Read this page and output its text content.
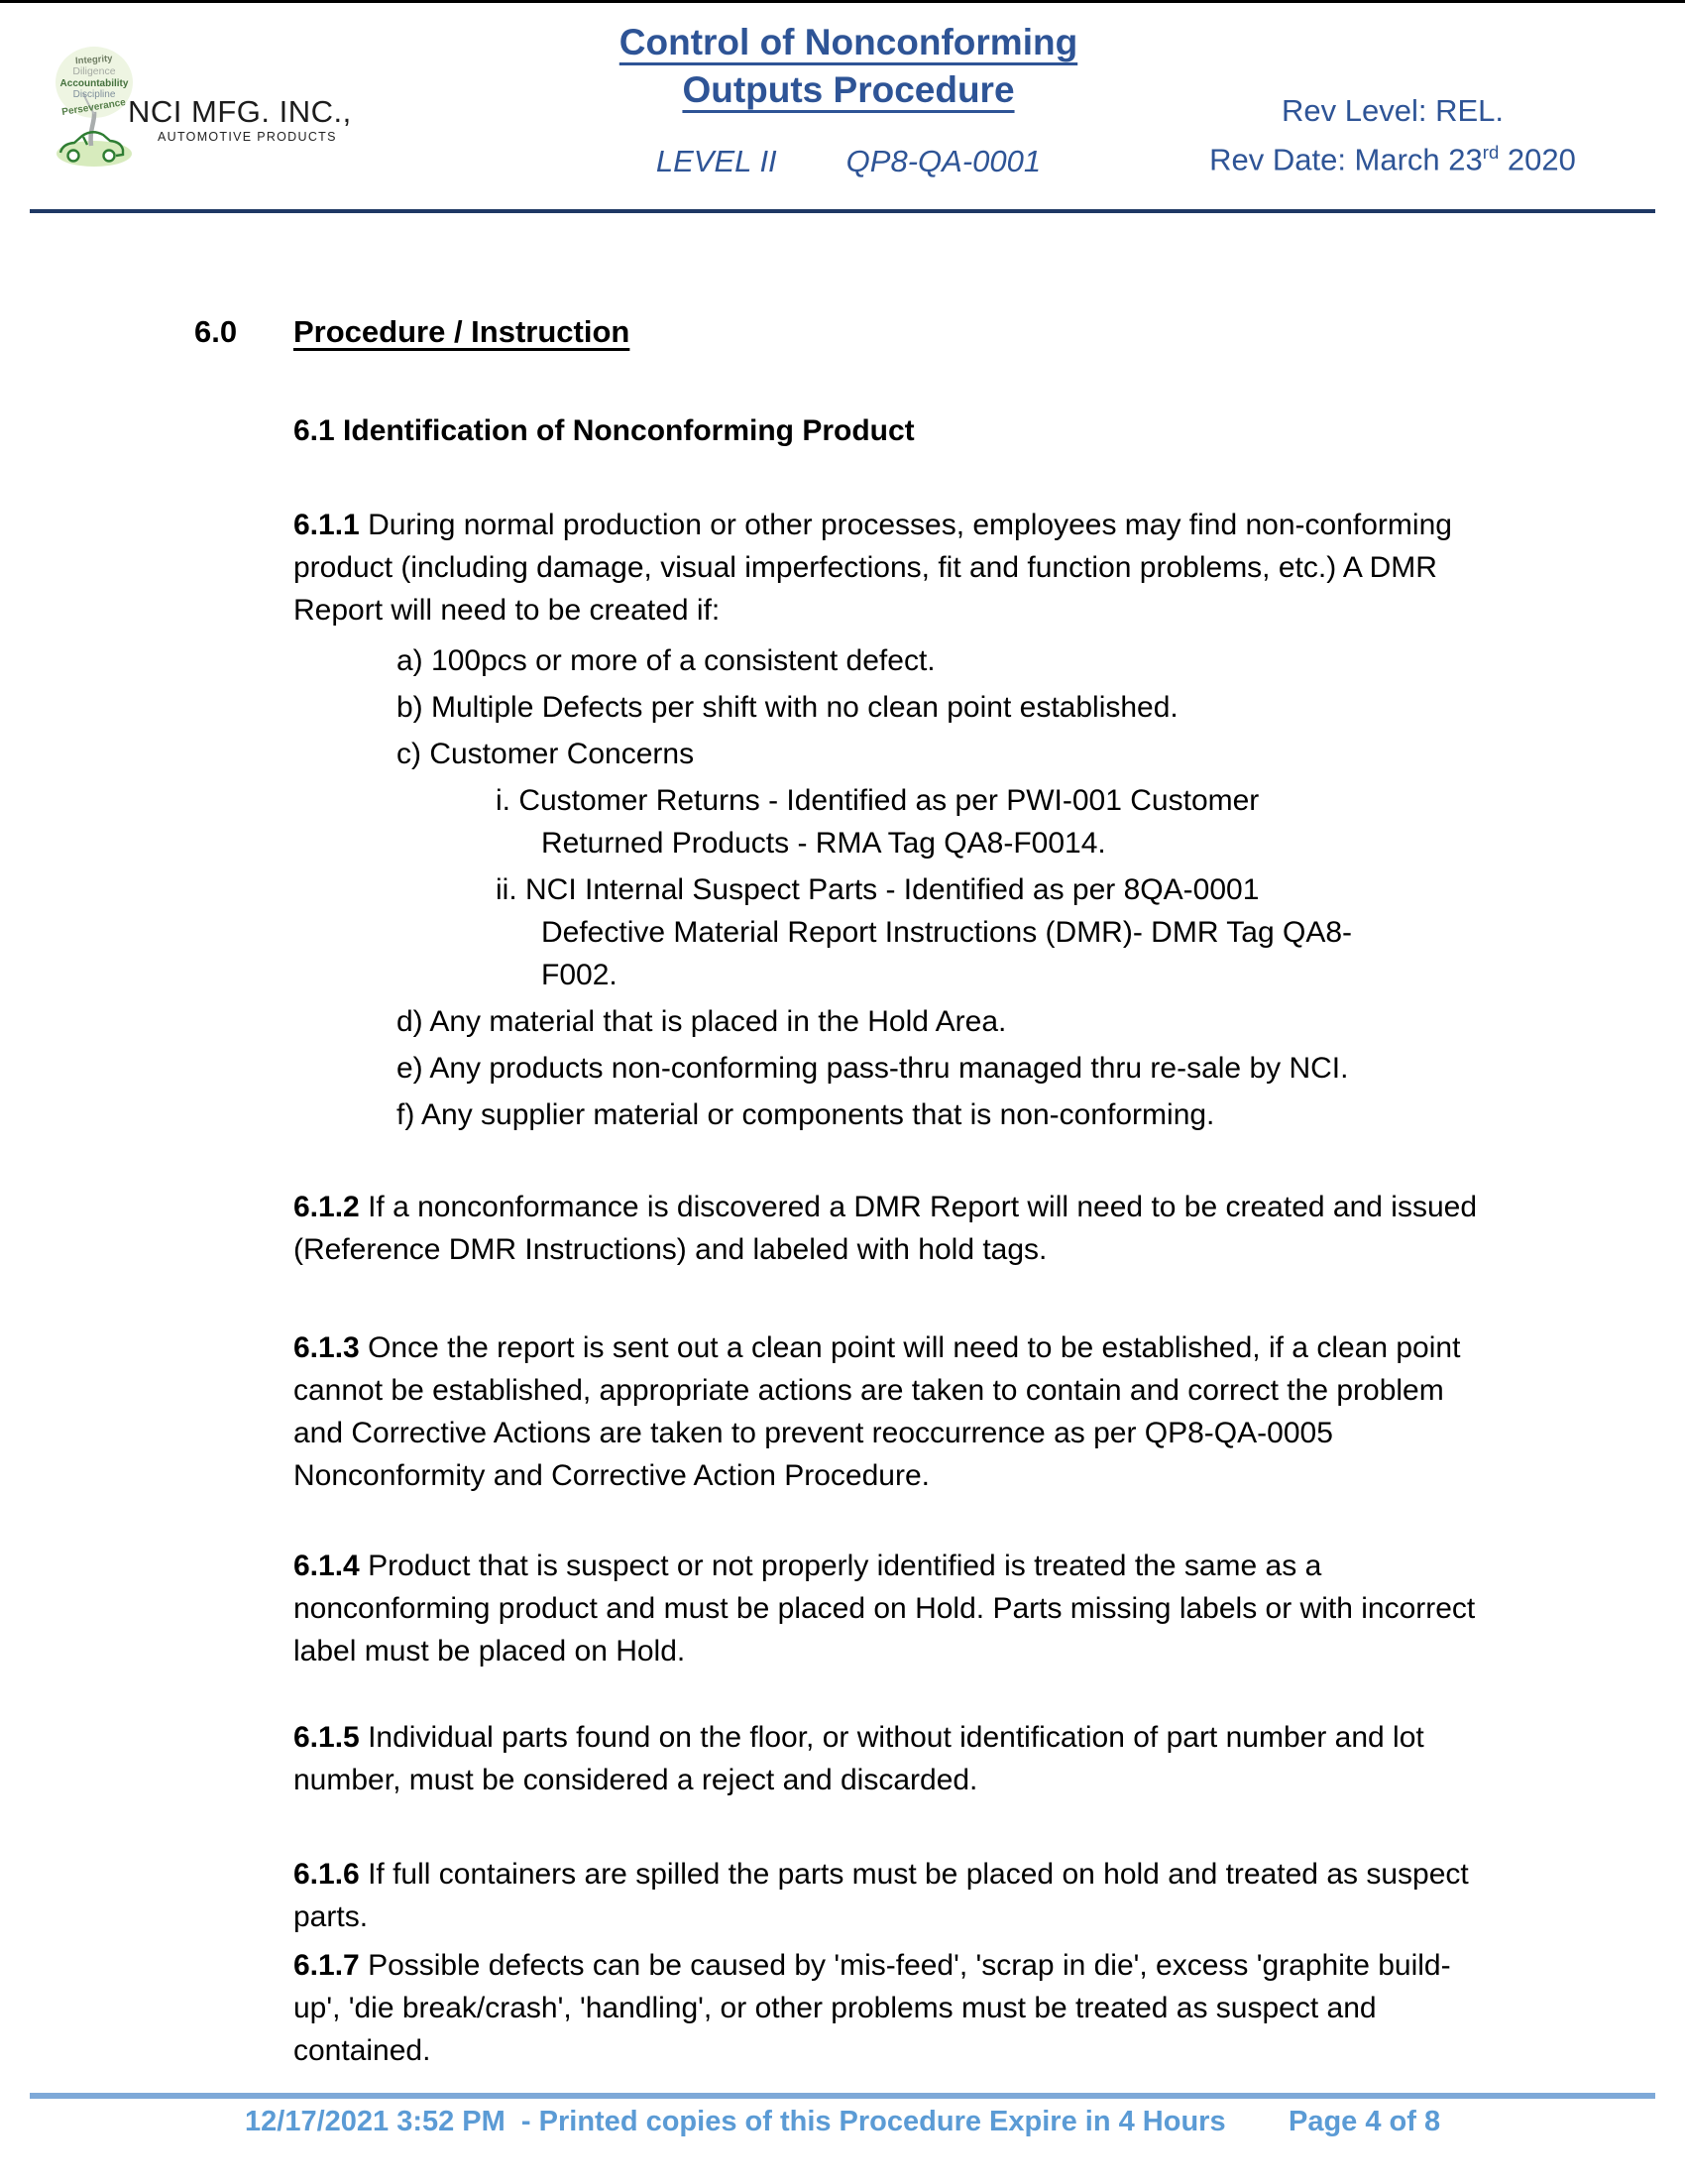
Integrity
Diligence
Accountability
Discipline
Perseverance NCI MFG. INC.,
AUTOMOTIVE PRODUCTS
Control of Nonconforming
Outputs Procedure
LEVEL II QP8-QA-0001
Rev Level: REL.
Rev Date: March 23rd 2020
6.0 Procedure / Instruction
6.1 Identification of Nonconforming Product

6.1.1 During normal production or other processes, employees may find non-conforming product (including damage, visual imperfections, fit and function problems, etc.) A DMR Report will need to be created if:

a) 100pcs or more of a consistent defect.
b) Multiple Defects per shift with no clean point established.
c) Customer Concerns
i. Customer Returns - Identified as per PWI-001 Customer Returned Products - RMA Tag QA8-F0014.
ii. NCI Internal Suspect Parts - Identified as per 8QA-0001 Defective Material Report Instructions (DMR)- DMR Tag QA8-F002.
d) Any material that is placed in the Hold Area.
e) Any products non-conforming pass-thru managed thru re-sale by NCI.
f) Any supplier material or components that is non-conforming.

6.1.2 If a nonconformance is discovered a DMR Report will need to be created and issued (Reference DMR Instructions) and labeled with hold tags.

6.1.3 Once the report is sent out a clean point will need to be established, if a clean point cannot be established, appropriate actions are taken to contain and correct the problem and Corrective Actions are taken to prevent reoccurrence as per QP8-QA-0005 Nonconformity and Corrective Action Procedure.

6.1.4 Product that is suspect or not properly identified is treated the same as a nonconforming product and must be placed on Hold. Parts missing labels or with incorrect label must be placed on Hold.

6.1.5 Individual parts found on the floor, or without identification of part number and lot number, must be considered a reject and discarded.

6.1.6 If full containers are spilled the parts must be placed on hold and treated as suspect parts.

6.1.7 Possible defects can be caused by 'mis-feed', 'scrap in die', excess 'graphite build-up', 'die break/crash', 'handling', or other problems must be treated as suspect and contained.

12/17/2021 3:52 PM  - Printed copies of this Procedure Expire in 4 Hours Page 4 of 8
